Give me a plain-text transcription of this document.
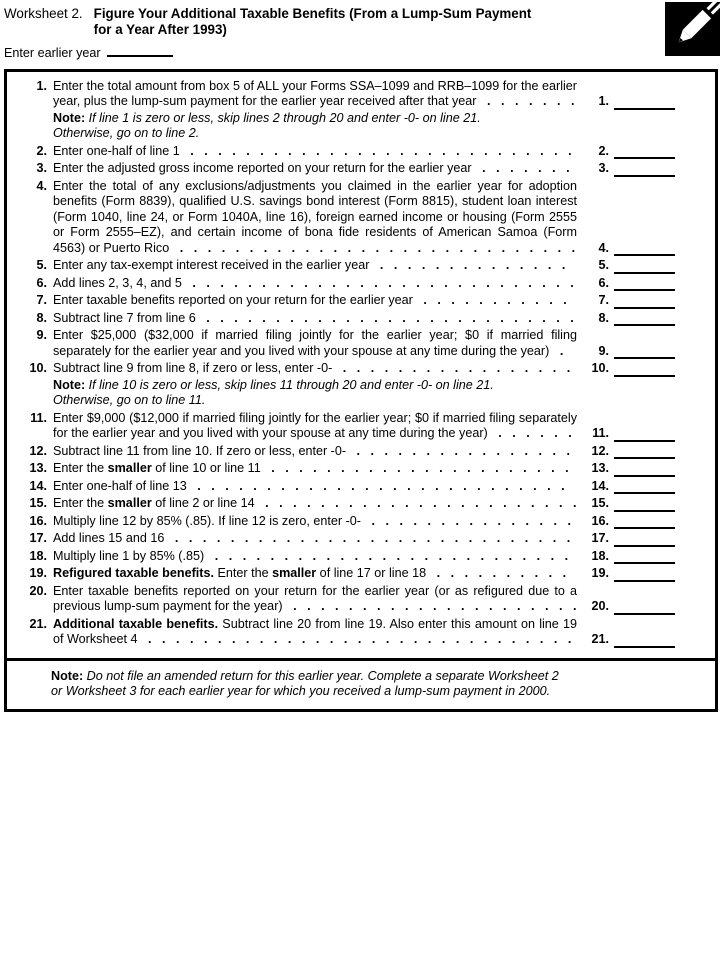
Worksheet 2. Figure Your Additional Taxable Benefits (From a Lump-Sum Payment
for a Year After 1993)
Enter earlier year
1. Enter the total amount from box 5 of ALL your Forms SSA–1099 and RRB–1099 for the earlier year, plus the lump-sum payment for the earlier year received after that year   .   .   .   .   .   .   .	1.
Note: If line 1 is zero or less, skip lines 2 through 20 and enter -0- on line 21. Otherwise, go on to line 2.
2. Enter one-half of line 1   .   .   .   .   .   .   .   .   .   .   .   .   .   .   .   .   .   .   .   .   .   .   .   .   .   .   .   .	2.
3. Enter the adjusted gross income reported on your return for the earlier year   .   .   .   .   .   .   .	3.
4. Enter the total of any exclusions/adjustments you claimed in the earlier year for adoption benefits (Form 8839), qualified U.S. savings bond interest (Form 8815), student loan interest (Form 1040, line 24, or Form 1040A, line 16), foreign earned income or housing (Form 2555 or Form 2555–EZ), and certain income of bona fide residents of American Samoa (Form 4563) or Puerto Rico   .   .   .   .   .   .   .   .   .   .   .   .   .   .   .   .   .   .   .   .   .   .   .   .   .   .   .   .   .	4.
5. Enter any tax-exempt interest received in the earlier year   .   .   .   .   .   .   .   .   .   .   .   .   .   .	5.
6. Add lines 2, 3, 4, and 5   .   .   .   .   .   .   .   .   .   .   .   .   .   .   .   .   .   .   .   .   .   .   .   .   .   .   .   .	6.
7. Enter taxable benefits reported on your return for the earlier year   .   .   .   .   .   .   .   .   .   .   .	7.
8. Subtract line 7 from line 6   .   .   .   .   .   .   .   .   .   .   .   .   .   .   .   .   .   .   .   .   .   .   .   .   .   .   .	8.
9. Enter $25,000 ($32,000 if married filing jointly for the earlier year; $0 if married filing separately for the earlier year and you lived with your spouse at any time during the year)   .	9.
10. Subtract line 9 from line 8, if zero or less, enter -0-   .   .   .   .   .   .   .   .   .   .   .   .   .   .   .   .   .	10.
Note: If line 10 is zero or less, skip lines 11 through 20 and enter -0- on line 21. Otherwise, go on to line 11.
11. Enter $9,000 ($12,000 if married filing jointly for the earlier year; $0 if married filing separately for the earlier year and you lived with your spouse at any time during the year)   .   .   .   .   .   .	11.
12. Subtract line 11 from line 10. If zero or less, enter -0-   .   .   .   .   .   .   .   .   .   .   .   .   .   .   .   .	12.
13. Enter the smaller of line 10 or line 11   .   .   .   .   .   .   .   .   .   .   .   .   .   .   .   .   .   .   .   .   .   .	13.
14. Enter one-half of line 13   .   .   .   .   .   .   .   .   .   .   .   .   .   .   .   .   .   .   .   .   .   .   .   .   .   .   .	14.
15. Enter the smaller of line 2 or line 14   .   .   .   .   .   .   .   .   .   .   .   .   .   .   .   .   .   .   .   .   .   .   .	15.
16. Multiply line 12 by 85% (.85). If line 12 is zero, enter -0-   .   .   .   .   .   .   .   .   .   .   .   .   .   .   .	16.
17. Add lines 15 and 16   .   .   .   .   .   .   .   .   .   .   .   .   .   .   .   .   .   .   .   .   .   .   .   .   .   .   .   .   .	17.
18. Multiply line 1 by 85% (.85)   .   .   .   .   .   .   .   .   .   .   .   .   .   .   .   .   .   .   .   .   .   .   .   .   .   .	18.
19. Refigured taxable benefits. Enter the smaller of line 17 or line 18   .   .   .   .   .   .   .   .   .   .	19.
20. Enter taxable benefits reported on your return for the earlier year (or as refigured due to a previous lump-sum payment for the year)   .   .   .   .   .   .   .   .   .   .   .   .   .   .   .   .   .   .   .   .   .	20.
21. Additional taxable benefits. Subtract line 20 from line 19. Also enter this amount on line 19 of Worksheet 4   .   .   .   .   .   .   .   .   .   .   .   .   .   .   .   .   .   .   .   .   .   .   .   .   .   .   .   .   .   .   .	21.
Note: Do not file an amended return for this earlier year. Complete a separate Worksheet 2 or Worksheet 3 for each earlier year for which you received a lump-sum payment in 2000.
